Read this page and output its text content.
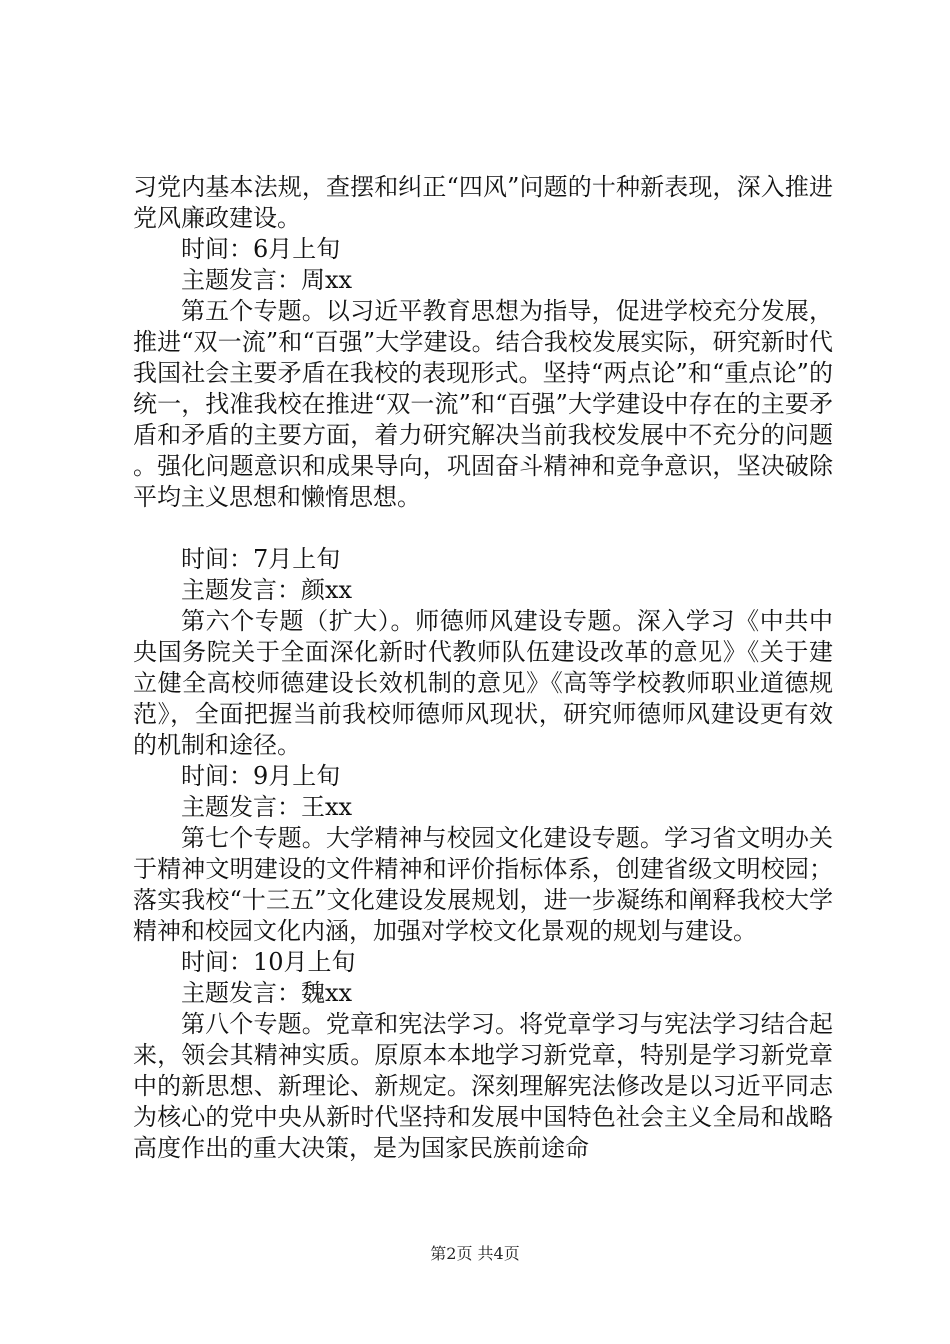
习党内基本法规，查摆和纠正“四风”问题的十种新表现，深入推进党风廉政建设。

时间：6月上旬

主题发言：周xx

第五个专题。以习近平教育思想为指导，促进学校充分发展，推进“双一流”和“百强”大学建设。结合我校发展实际，研究新时代我国社会主要矛盾在我校的表现形式。坚持“两点论”和“重点论”的统一，找准我校在推进“双一流”和“百强”大学建设中存在的主要矛盾和矛盾的主要方面，着力研究解决当前我校发展中不充分的问题。强化问题意识和成果导向，巩固奋斗精神和竞争意识，坚决破除平均主义思想和懒惰思想。

时间：7月上旬

主题发言：颜xx

第六个专题（扩大）。师德师风建设专题。深入学习《中共中央国务院关于全面深化新时代教师队伍建设改革的意见》《关于建立健全高校师德建设长效机制的意见》《高等学校教师职业道德规范》，全面把握当前我校师德师风现状，研究师德师风建设更有效的机制和途径。

时间：9月上旬

主题发言：王xx

第七个专题。大学精神与校园文化建设专题。学习省文明办关于精神文明建设的文件精神和评价指标体系，创建省级文明校园；落实我校“十三五”文化建设发展规划，进一步凝练和阐释我校大学精神和校园文化内涵，加强对学校文化景观的规划与建设。

时间：10月上旬

主题发言：魏xx

第八个专题。党章和宪法学习。将党章学习与宪法学习结合起来，领会其精神实质。原原本本地学习新党章，特别是学习新党章中的新思想、新理论、新规定。深刻理解宪法修改是以习近平同志为核心的党中央从新时代坚持和发展中国特色社会主义全局和战略高度作出的重大决策，是为国家民族前途命

第2页 共4页
